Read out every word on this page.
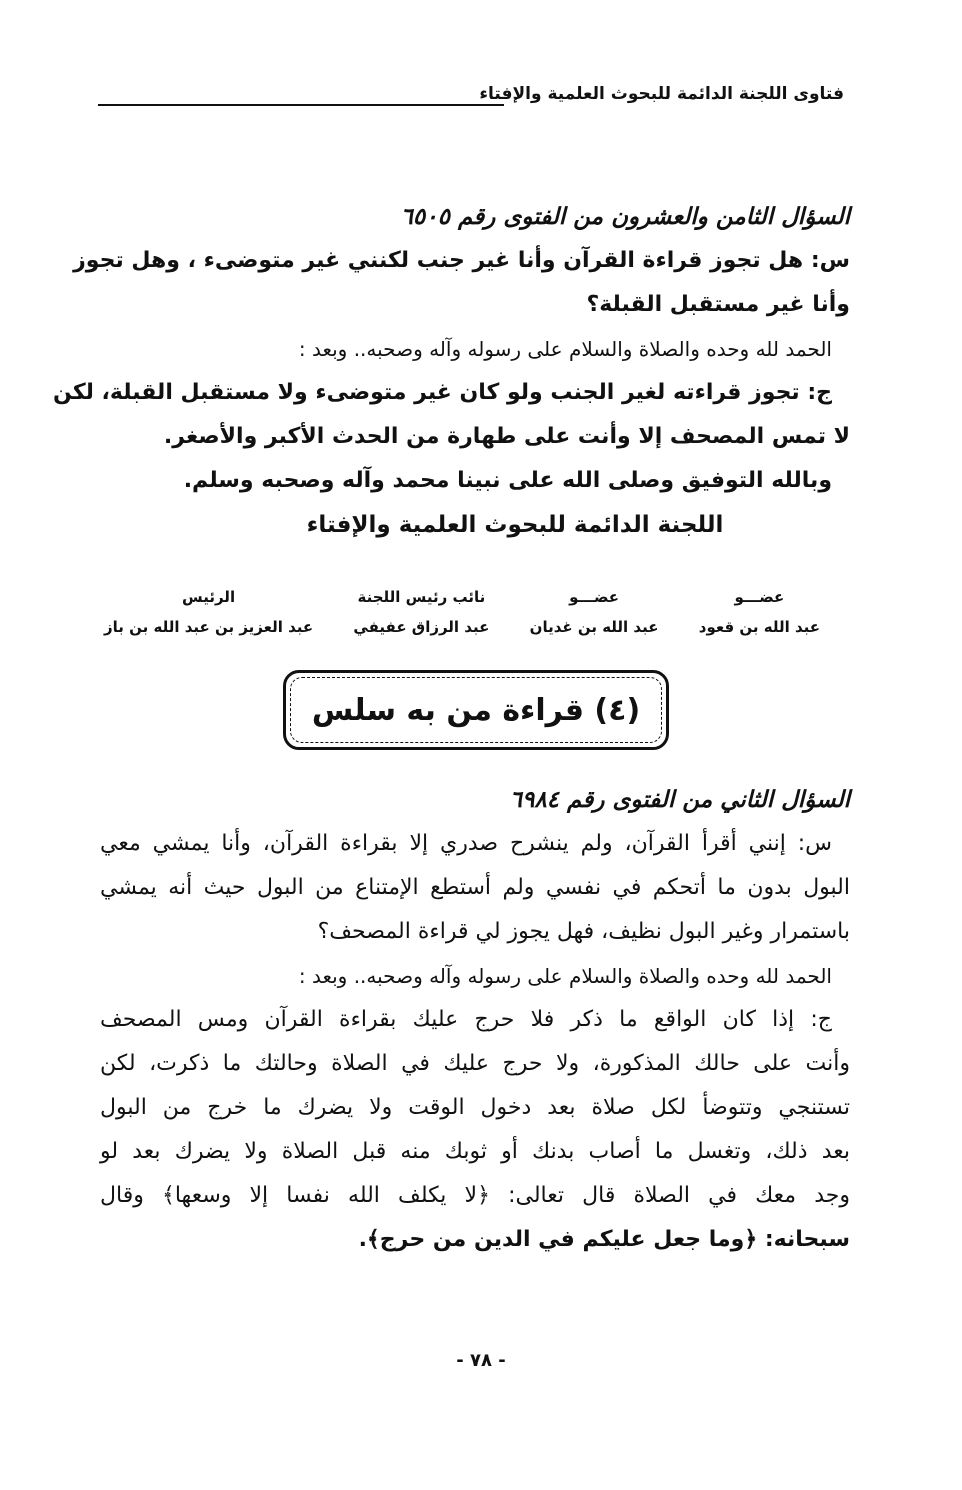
فتاوى اللجنة الدائمة للبحوث العلمية والإفتاء
السؤال الثامن والعشرون من الفتوى رقم ٦٥٠٥
س: هل تجوز قراءة القرآن وأنا غير جنب لكنني غير متوضىء ، وهل تجوز
وأنا غير مستقبل القبلة؟
الحمد لله وحده والصلاة والسلام على رسوله وآله وصحبه.. وبعد :
ج: تجوز قراءته لغير الجنب ولو كان غير متوضىء ولا مستقبل القبلة، لكن
لا تمس المصحف إلا وأنت على طهارة من الحدث الأكبر والأصغر.
وبالله التوفيق وصلى الله على نبينا محمد وآله وصحبه وسلم.
اللجنة الدائمة للبحوث العلمية والإفتاء
عضـــو
عبد الله بن قعود
عضـــو
عبد الله بن غديان
نائب رئيس اللجنة
عبد الرزاق عفيفي
الرئيس
عبد العزيز بن عبد الله بن باز
(٤) قراءة من به سلس
السؤال الثاني من الفتوى رقم ٦٩٨٤
س: إنني أقرأ القرآن، ولم ينشرح صدري إلا بقراءة القرآن، وأنا يمشي معي
البول بدون ما أتحكم في نفسي ولم أستطع الإمتناع من البول حيث أنه يمشي
باستمرار وغير البول نظيف، فهل يجوز لي قراءة المصحف؟
الحمد لله وحده والصلاة والسلام على رسوله وآله وصحبه.. وبعد :
ج: إذا كان الواقع ما ذكر فلا حرج عليك بقراءة القرآن ومس المصحف
وأنت على حالك المذكورة، ولا حرج عليك في الصلاة وحالتك ما ذكرت، لكن
تستنجي وتتوضأ لكل صلاة بعد دخول الوقت ولا يضرك ما خرج من البول
بعد ذلك، وتغسل ما أصاب بدنك أو ثوبك منه قبل الصلاة ولا يضرك بعد لو
وجد معك في الصلاة قال تعالى: ﴿لا يكلف الله نفسا إلا وسعها﴾ وقال
سبحانه: ﴿وما جعل عليكم في الدين من حرج﴾.
- ٧٨ -
